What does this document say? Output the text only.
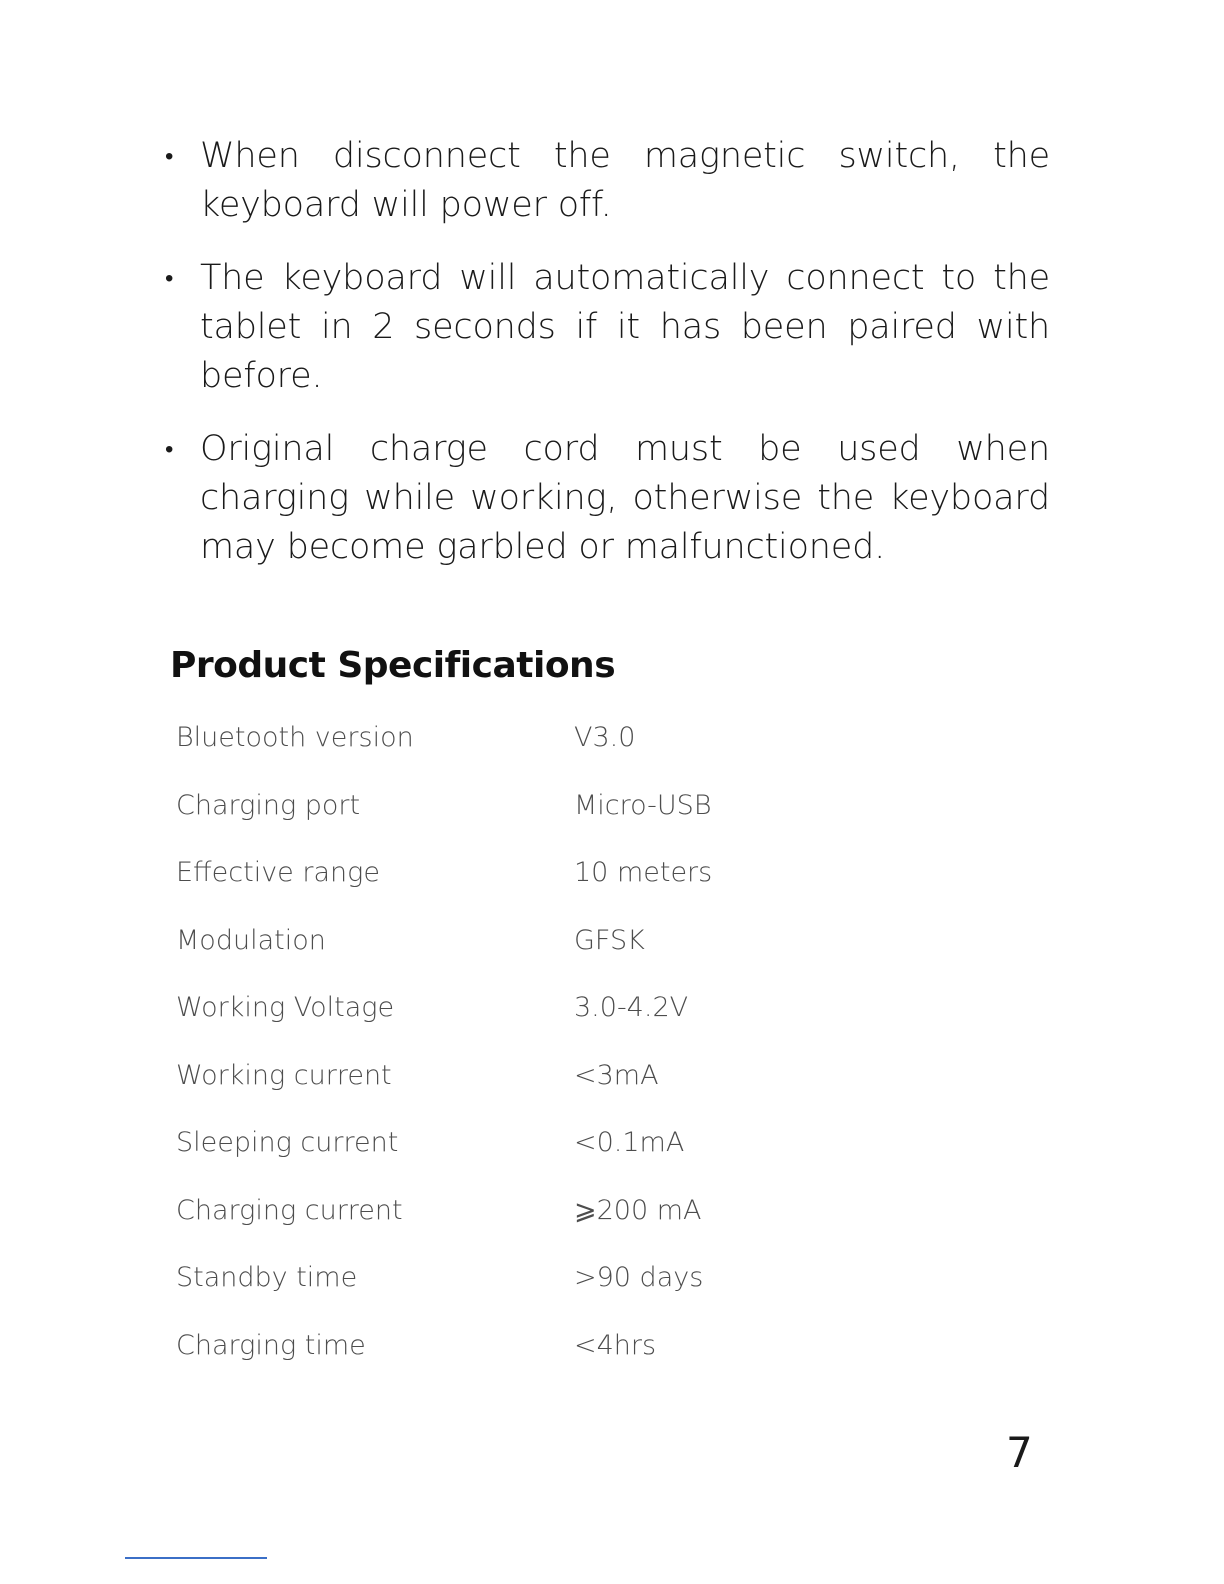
• When disconnect the magnetic switch, the keyboard will power off.
• The keyboard will automatically connect to the tablet in 2 seconds if it has been paired with before.
• Original charge cord must be used when charging while working, otherwise the keyboard may become garbled or malfunctioned.
Product Specifications
Bluetooth version	V3.0
Charging port	Micro-USB
Effective range	10 meters
Modulation	GFSK
Working Voltage	3.0-4.2V
Working current	<3mA
Sleeping current	<0.1mA
Charging current	⩾200 mA
Standby time	>90 days
Charging time	<4hrs
7
